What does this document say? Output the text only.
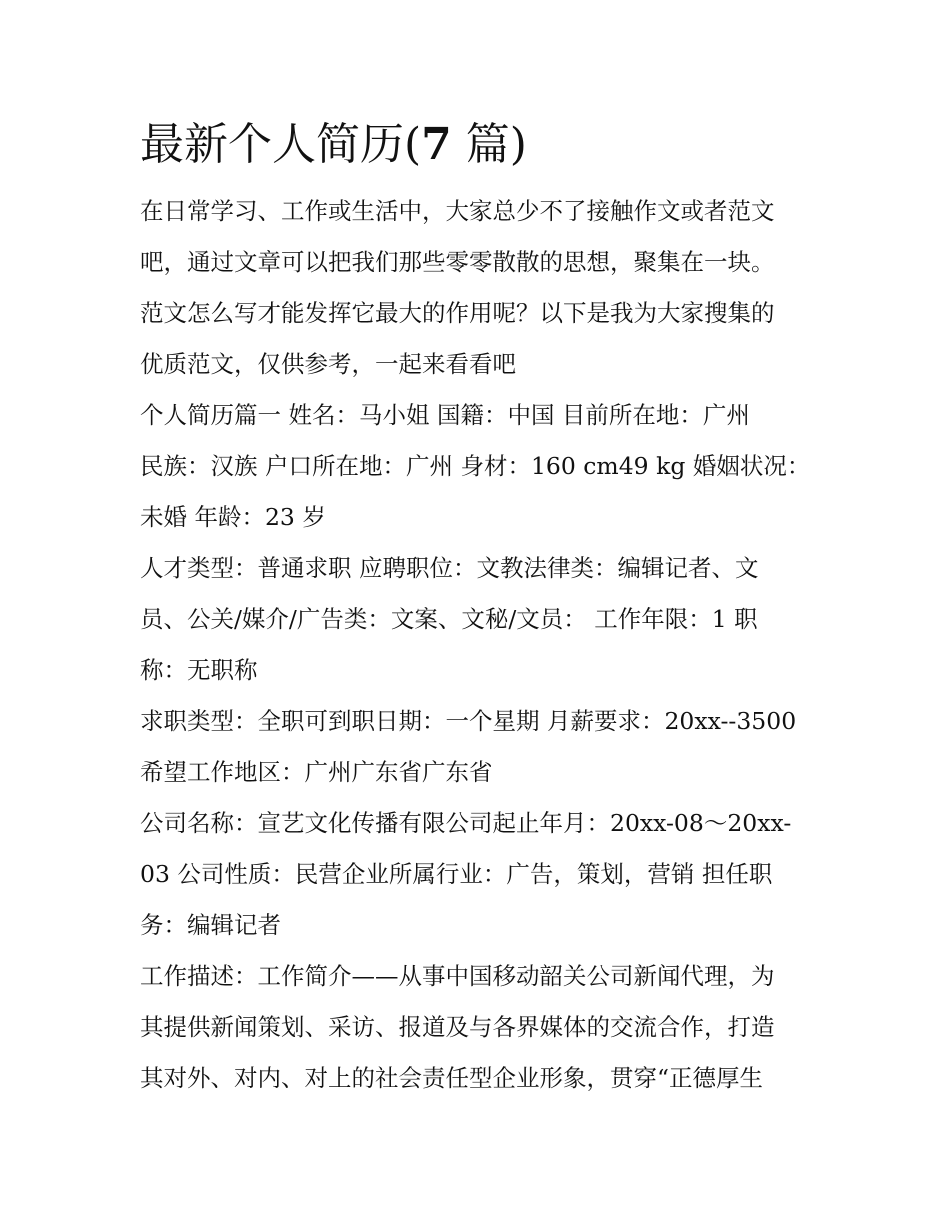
最新个人简历(7 篇)

在日常学习、工作或生活中，大家总少不了接触作文或者范文
吧，通过文章可以把我们那些零零散散的思想，聚集在一块。
范文怎么写才能发挥它最大的作用呢？以下是我为大家搜集的
优质范文，仅供参考，一起来看看吧

个人简历篇一 姓名：马小姐 国籍：中国 目前所在地：广州
民族：汉族 户口所在地：广州 身材：160 cm49 kg 婚姻状况：
未婚 年龄：23 岁

人才类型：普通求职 应聘职位：文教法律类：编辑记者、文
员、公关/媒介/广告类：文案、文秘/文员： 工作年限：1 职
称：无职称

求职类型：全职可到职日期：一个星期 月薪要求：20xx--3500
希望工作地区：广州广东省广东省

公司名称：宣艺文化传播有限公司起止年月：20xx-08～20xx-
03 公司性质：民营企业所属行业：广告，策划，营销 担任职
务：编辑记者

工作描述：工作简介——从事中国移动韶关公司新闻代理，为
其提供新闻策划、采访、报道及与各界媒体的交流合作，打造
其对外、对内、对上的社会责任型企业形象，贯穿“正德厚生
